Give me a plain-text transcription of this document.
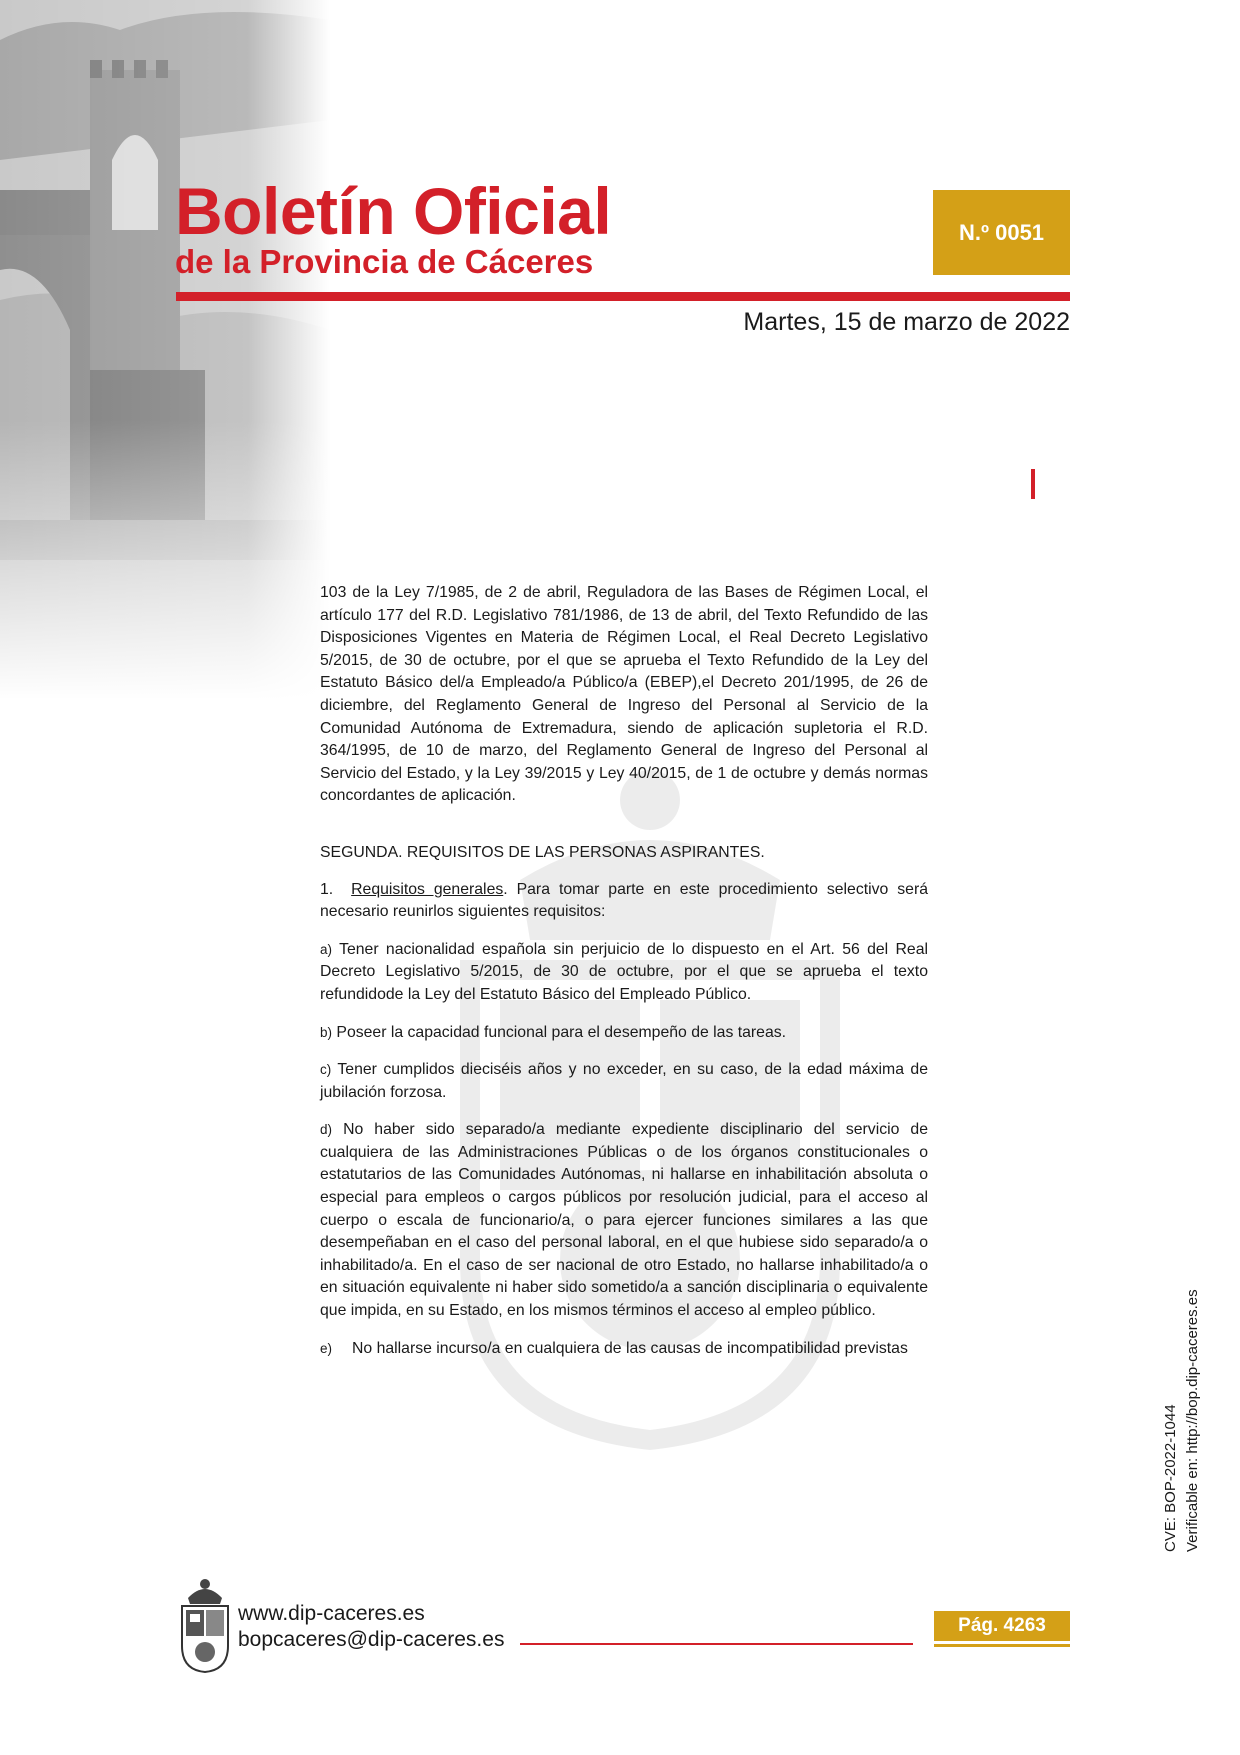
Boletín Oficial
de la Provincia de Cáceres
N.º 0051
Martes, 15 de marzo de 2022

103 de la Ley 7/1985, de 2 de abril, Reguladora de las Bases de Régimen Local, el artículo 177 del R.D. Legislativo 781/1986, de 13 de abril, del Texto Refundido de las Disposiciones Vigentes en Materia de Régimen Local, el Real Decreto Legislativo 5/2015, de 30 de octubre, por el que se aprueba el Texto Refundido de la Ley del Estatuto Básico del/a Empleado/a Público/a (EBEP),el Decreto 201/1995, de 26 de diciembre, del Reglamento General de Ingreso del Personal al Servicio de la Comunidad Autónoma de Extremadura, siendo de aplicación supletoria el R.D. 364/1995, de 10 de marzo, del Reglamento General de Ingreso del Personal al Servicio del Estado, y la Ley 39/2015 y Ley 40/2015, de 1 de octubre y demás normas concordantes de aplicación.

SEGUNDA. REQUISITOS DE LAS PERSONAS ASPIRANTES.

1. Requisitos generales. Para tomar parte en este procedimiento selectivo será necesario reunirlos siguientes requisitos:

a) Tener nacionalidad española sin perjuicio de lo dispuesto en el Art. 56 del Real Decreto Legislativo 5/2015, de 30 de octubre, por el que se aprueba el texto refundidode la Ley del Estatuto Básico del Empleado Público.

b) Poseer la capacidad funcional para el desempeño de las tareas.

c) Tener cumplidos dieciséis años y no exceder, en su caso, de la edad máxima de jubilación forzosa.

d) No haber sido separado/a mediante expediente disciplinario del servicio de cualquiera de las Administraciones Públicas o de los órganos constitucionales o estatutarios de las Comunidades Autónomas, ni hallarse en inhabilitación absoluta o especial para empleos o cargos públicos por resolución judicial, para el acceso al cuerpo o escala de funcionario/a, o para ejercer funciones similares a las que desempeñaban en el caso del personal laboral, en el que hubiese sido separado/a o inhabilitado/a. En el caso de ser nacional de otro Estado, no hallarse inhabilitado/a o en situación equivalente ni haber sido sometido/a a sanción disciplinaria o equivalente que impida, en su Estado, en los mismos términos el acceso al empleo público.

e) No hallarse incurso/a en cualquiera de las causas de incompatibilidad previstas

CVE: BOP-2022-1044 Verificable en: http://bop.dip-caceres.es
www.dip-caceres.es
bopcaceres@dip-caceres.es
Pág. 4263
